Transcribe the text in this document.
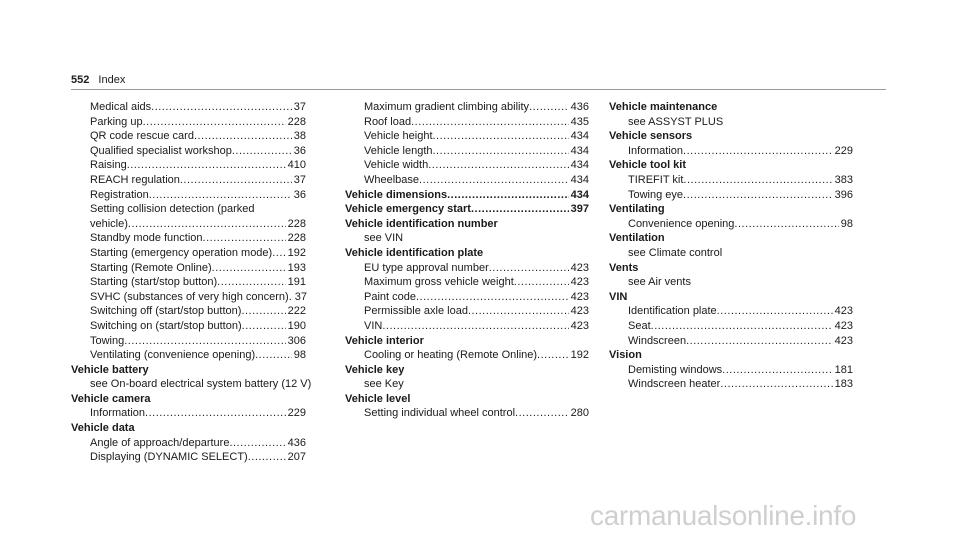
552 Index
Medical aids .....	37
Parking up .....	228
QR code rescue card .....	38
Qualified specialist workshop .....	36
Raising .....	410
REACH regulation .....	37
Registration .....	36
Setting collision detection (parked
vehicle) .....	228
Standby mode function .....	228
Starting (emergency operation mode) ..... 192
Starting (Remote Online) .....	193
Starting (start/stop button) .....	191
SVHC (substances of very high concern) ..... 37
Switching off (start/stop button) .....	222
Switching on (start/stop button) .....	190
Towing .....	306
Ventilating (convenience opening) .....	98
Vehicle battery
see On-board electrical system battery (12 V)
Vehicle camera
Information .....	229
Vehicle data
Angle of approach/departure .....	436
Displaying (DYNAMIC SELECT) .....	207
Maximum gradient climbing ability .....	436
Roof load .....	435
Vehicle height .....	434
Vehicle length .....	434
Vehicle width .....	434
Wheelbase .....	434
Vehicle dimensions .....	434
Vehicle emergency start .....	397
Vehicle identification number
see VIN
Vehicle identification plate
EU type approval number .....	423
Maximum gross vehicle weight .....	423
Paint code .....	423
Permissible axle load .....	423
VIN .....	423
Vehicle interior
Cooling or heating (Remote Online) .....	192
Vehicle key
see Key
Vehicle level
Setting individual wheel control .....	280
Vehicle maintenance
see ASSYST PLUS
Vehicle sensors
Information .....	229
Vehicle tool kit
TIREFIT kit .....	383
Towing eye .....	396
Ventilating
Convenience opening .....	98
Ventilation
see Climate control
Vents
see Air vents
VIN
Identification plate .....	423
Seat .....	423
Windscreen .....	423
Vision
Demisting windows .....	181
Windscreen heater .....	183
carmanualsonline.info
